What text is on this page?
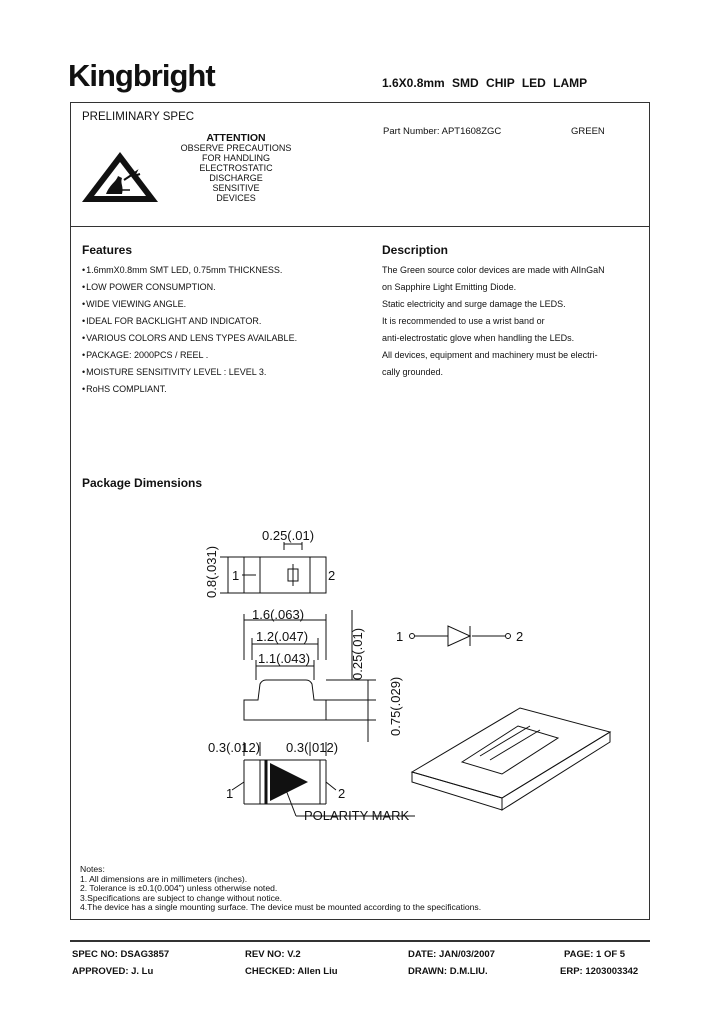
Kingbright	1.6X0.8mm SMD CHIP LED LAMP
PRELIMINARY SPEC
ATTENTION
OBSERVE PRECAUTIONS
FOR HANDLING
ELECTROSTATIC
DISCHARGE
SENSITIVE
DEVICES
Part Number: APT1608ZGC	GREEN
Features
• 1.6mmX0.8mm SMT LED, 0.75mm THICKNESS.
• LOW POWER CONSUMPTION.
• WIDE VIEWING ANGLE.
• IDEAL FOR BACKLIGHT AND INDICATOR.
• VARIOUS COLORS AND LENS TYPES AVAILABLE.
• PACKAGE: 2000PCS / REEL .
• MOISTURE SENSITIVITY LEVEL : LEVEL 3.
• RoHS COMPLIANT.
Description
The Green source color devices are made with AlInGaN
on Sapphire Light Emitting Diode.
Static electricity and surge damage the LEDS.
It is recommended to use a wrist band or
anti-electrostatic glove when handling the LEDs.
All devices, equipment and machinery must be electri-
cally grounded.
Package Dimensions
0.25(.01)
0.8(.031) 1	2
1.6(.063)
1.2(.047)
1.1(.043)	0.25(.01)
0.75(.029)
0.3(.012) 0.3(.012)
1	2
POLARITY MARK
1	2
Notes:
1. All dimensions are in millimeters (inches).
2. Tolerance is ±0.1(0.004") unless otherwise noted.
3.Specifications are subject to change without notice.
4.The device has a single mounting surface. The device must be mounted according to the specifications.
SPEC NO: DSAG3857	REV NO: V.2	DATE: JAN/03/2007	PAGE: 1 OF 5
APPROVED: J. Lu	CHECKED: Allen Liu	DRAWN: D.M.LIU.	ERP: 1203003342
